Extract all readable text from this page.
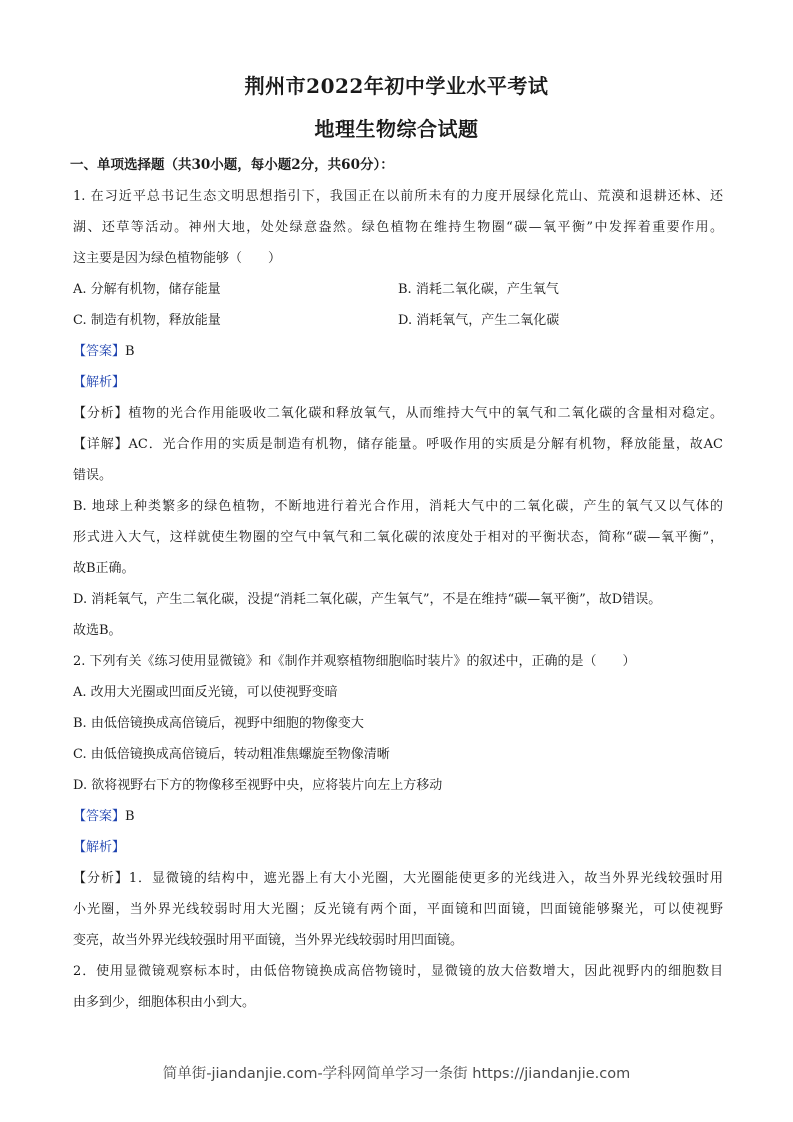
荆州市2022年初中学业水平考试
地理生物综合试题
一、单项选择题（共30小题，每小题2分，共60分）：
1. 在习近平总书记生态文明思想指引下，我国正在以前所未有的力度开展绿化荒山、荒漠和退耕还林、还
湖、还草等活动。神州大地，处处绿意盎然。绿色植物在维持生物圈“碳—氧平衡”中发挥着重要作用。
这主要是因为绿色植物能够（　　）
A. 分解有机物，储存能量	B. 消耗二氧化碳，产生氧气
C. 制造有机物，释放能量	D. 消耗氧气，产生二氧化碳
【答案】B
【解析】
【分析】植物的光合作用能吸收二氧化碳和释放氧气，从而维持大气中的氧气和二氧化碳的含量相对稳定。
【详解】AC．光合作用的实质是制造有机物，储存能量。呼吸作用的实质是分解有机物，释放能量，故AC
错误。
B. 地球上种类繁多的绿色植物，不断地进行着光合作用，消耗大气中的二氧化碳，产生的氧气又以气体的
形式进入大气，这样就使生物圈的空气中氧气和二氧化碳的浓度处于相对的平衡状态，简称“碳—氧平衡”，
故B正确。
D. 消耗氧气，产生二氧化碳，没提“消耗二氧化碳，产生氧气”，不是在维持“碳—氧平衡”，故D错误。
故选B。
2. 下列有关《练习使用显微镜》和《制作并观察植物细胞临时装片》的叙述中，正确的是（　　）
A. 改用大光圈或凹面反光镜，可以使视野变暗
B. 由低倍镜换成高倍镜后，视野中细胞的物像变大
C. 由低倍镜换成高倍镜后，转动粗准焦螺旋至物像清晰
D. 欲将视野右下方的物像移至视野中央，应将装片向左上方移动
【答案】B
【解析】
【分析】1．显微镜的结构中，遮光器上有大小光圈，大光圈能使更多的光线进入，故当外界光线较强时用
小光圈，当外界光线较弱时用大光圈；反光镜有两个面，平面镜和凹面镜，凹面镜能够聚光，可以使视野
变亮，故当外界光线较强时用平面镜，当外界光线较弱时用凹面镜。
2．使用显微镜观察标本时，由低倍物镜换成高倍物镜时，显微镜的放大倍数增大，因此视野内的细胞数目
由多到少，细胞体积由小到大。
简单街-jiandanjie.com-学科网简单学习一条街 https://jiandanjie.com
